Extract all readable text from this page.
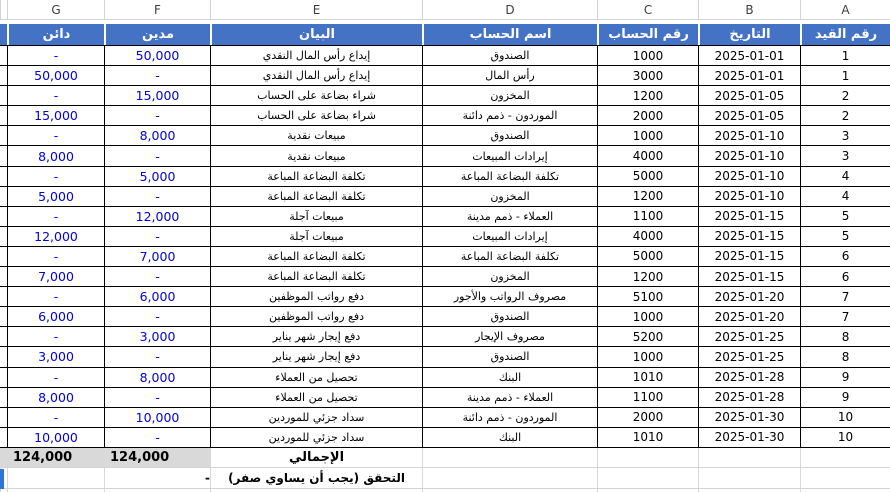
A
B
C
D
E
F
G
رقم القيد
التاريخ
رقم الحساب
اسم الحساب
البيان
مدين
دائن
1
2025-01-01
1000
الصندوق
إيداع رأس المال النقدي
50,000
-
1
2025-01-01
3000
رأس المال
إيداع رأس المال النقدي
-
50,000
2
2025-01-05
1200
المخزون
شراء بضاعة على الحساب
15,000
-
2
2025-01-05
2000
الموردون - ذمم دائنة
شراء بضاعة على الحساب
-
15,000
3
2025-01-10
1000
الصندوق
مبيعات نقدية
8,000
-
3
2025-01-10
4000
إيرادات المبيعات
مبيعات نقدية
-
8,000
4
2025-01-10
5000
تكلفة البضاعة المباعة
تكلفة البضاعة المباعة
5,000
-
4
2025-01-10
1200
المخزون
تكلفة البضاعة المباعة
-
5,000
5
2025-01-15
1100
العملاء - ذمم مدينة
مبيعات آجلة
12,000
-
5
2025-01-15
4000
إيرادات المبيعات
مبيعات آجلة
-
12,000
6
2025-01-15
5000
تكلفة البضاعة المباعة
تكلفة البضاعة المباعة
7,000
-
6
2025-01-15
1200
المخزون
تكلفة البضاعة المباعة
-
7,000
7
2025-01-20
5100
مصروف الرواتب والأجور
دفع رواتب الموظفين
6,000
-
7
2025-01-20
1000
الصندوق
دفع رواتب الموظفين
-
6,000
8
2025-01-25
5200
مصروف الإيجار
دفع إيجار شهر يناير
3,000
-
8
2025-01-25
1000
الصندوق
دفع إيجار شهر يناير
-
3,000
9
2025-01-28
1010
البنك
تحصيل من العملاء
8,000
-
9
2025-01-28
1100
العملاء - ذمم مدينة
تحصيل من العملاء
-
8,000
10
2025-01-30
2000
الموردون - ذمم دائنة
سداد جزئي للموردين
10,000
-
10
2025-01-30
1010
البنك
سداد جزئي للموردين
-
10,000
الإجمالي
124,000
124,000
التحقق (يجب أن يساوي صفر)
-
